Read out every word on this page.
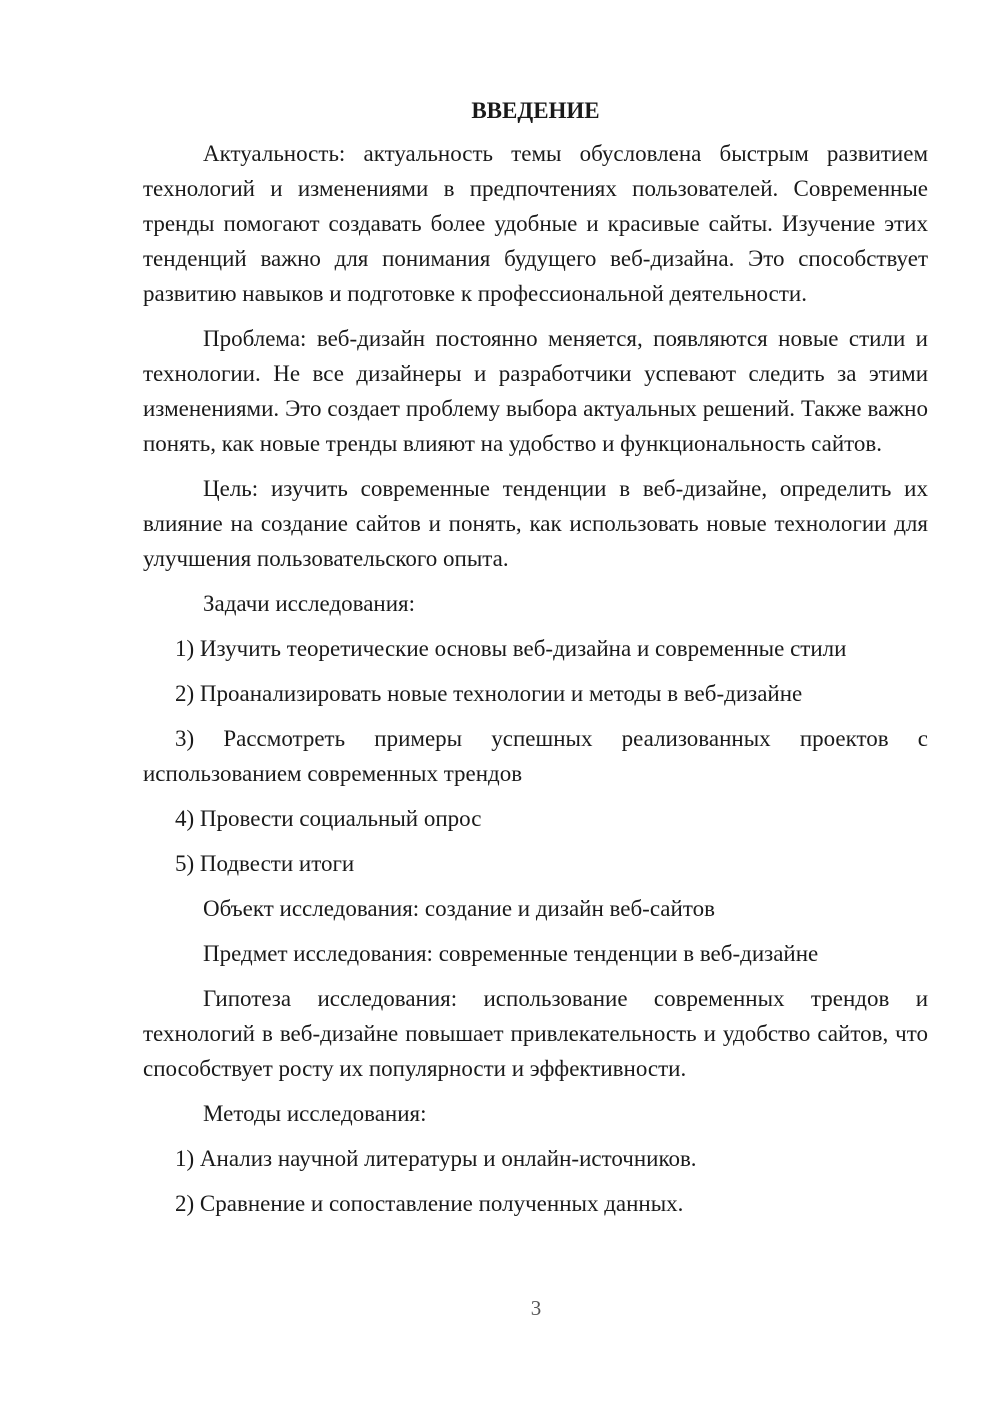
ВВЕДЕНИЕ

Актуальность: актуальность темы обусловлена быстрым развитием технологий и изменениями в предпочтениях пользователей. Современные тренды помогают создавать более удобные и красивые сайты. Изучение этих тенденций важно для понимания будущего веб-дизайна. Это способствует развитию навыков и подготовке к профессиональной деятельности.

Проблема: веб-дизайн постоянно меняется, появляются новые стили и технологии. Не все дизайнеры и разработчики успевают следить за этими изменениями. Это создает проблему выбора актуальных решений. Также важно понять, как новые тренды влияют на удобство и функциональность сайтов.

Цель: изучить современные тенденции в веб-дизайне, определить их влияние на создание сайтов и понять, как использовать новые технологии для улучшения пользовательского опыта.

Задачи исследования:

1) Изучить теоретические основы веб-дизайна и современные стили

2) Проанализировать новые технологии и методы в веб-дизайне

3) Рассмотреть примеры успешных реализованных проектов с использованием современных трендов

4) Провести социальный опрос

5) Подвести итоги

Объект исследования: создание и дизайн веб-сайтов

Предмет исследования: современные тенденции в веб-дизайне

Гипотеза исследования: использование современных трендов и технологий в веб-дизайне повышает привлекательность и удобство сайтов, что способствует росту их популярности и эффективности.

Методы исследования:

1) Анализ научной литературы и онлайн-источников.

2) Сравнение и сопоставление полученных данных.

3
